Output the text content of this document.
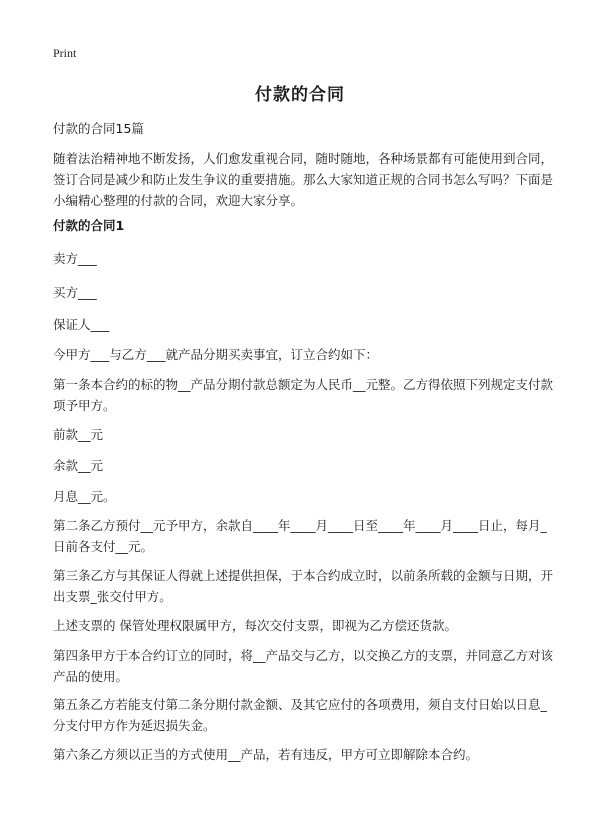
Print
付款的合同

付款的合同15篇

随着法治精神地不断发扬，人们愈发重视合同，随时随地，各种场景都有可能使用到合同，签订合同是减少和防止发生争议的重要措施。那么大家知道正规的合同书怎么写吗？下面是小编精心整理的付款的合同，欢迎大家分享。

付款的合同1

卖方___

买方___

保证人___

今甲方___与乙方___就产品分期买卖事宜，订立合约如下：

第一条本合约的标的物__产品分期付款总额定为人民币__元整。乙方得依照下列规定支付款项予甲方。

前款__元

余款__元

月息__元。

第二条乙方预付__元予甲方，余款自____年____月____日至____年____月____日止，每月_日前各支付__元。

第三条乙方与其保证人得就上述提供担保，于本合约成立时，以前条所载的金额与日期，开出支票_张交付甲方。

上述支票的 保管处理权限属甲方，每次交付支票，即视为乙方偿还货款。

第四条甲方于本合约订立的同时，将__产品交与乙方，以交换乙方的支票，并同意乙方对该产品的使用。

第五条乙方若能支付第二条分期付款金额、及其它应付的各项费用，须自支付日始以日息_分支付甲方作为延迟损失金。

第六条乙方须以正当的方式使用__产品，若有违反，甲方可立即解除本合约。
